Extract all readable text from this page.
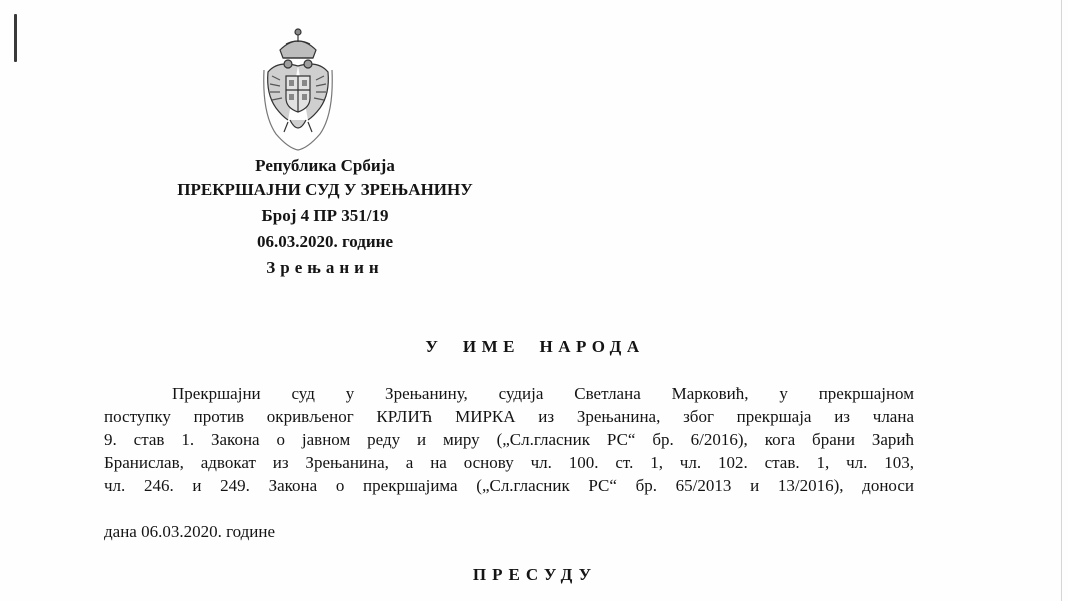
Република Србија
ПРЕКРШАЈНИ СУД У ЗРЕЊАНИНУ
Број 4 ПР 351/19
06.03.2020. године
Зрењанин
У  ИМЕ  НАРОДА
Прекршајни суд у Зрењанину, судија Светлана Марковић, у прекршајном
поступку против окривљеног КРЛИЋ МИРКА из Зрењанина, због прекршаја из члана
9. став 1. Закона о јавном реду и миру („Сл.гласник РС“ бр. 6/2016), кога брани Зарић
Бранислав, адвокат из Зрењанина, а на основу чл. 100. ст. 1, чл. 102. став. 1, чл. 103,
чл. 246. и 249. Закона о прекршајима („Сл.гласник РС“ бр. 65/2013 и 13/2016), доноси
дана 06.03.2020. године
ПРЕСУДУ
